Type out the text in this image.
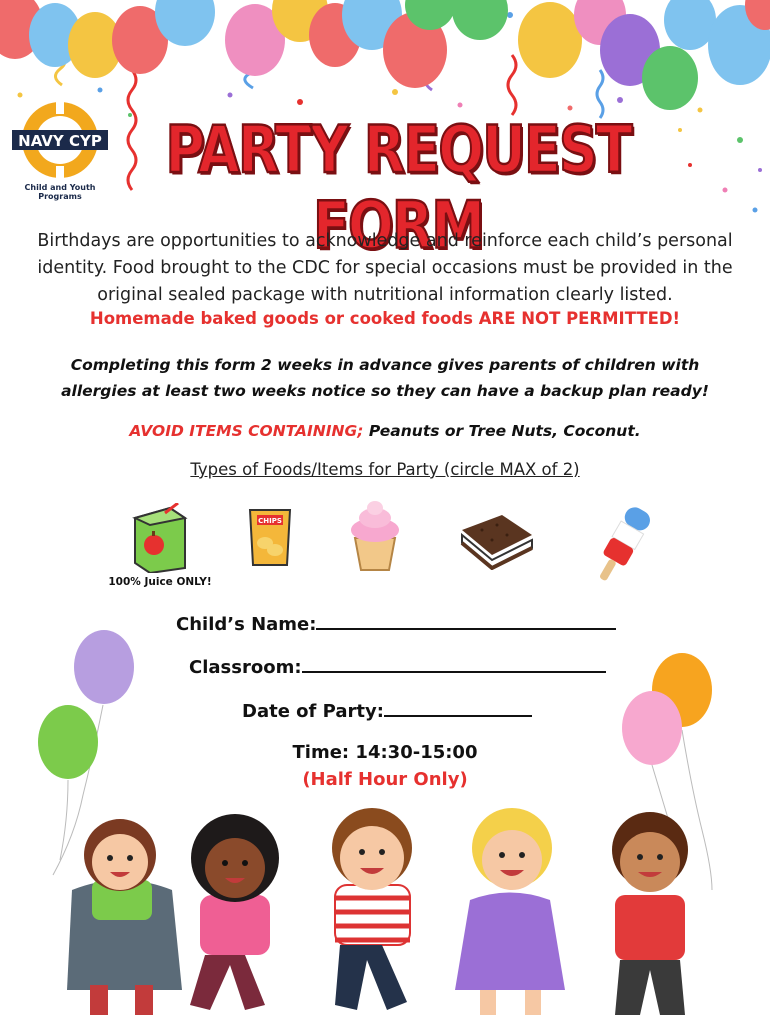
NAVY CYP
Child and Youth Programs
PARTY REQUEST FORM
Birthdays are opportunities to acknowledge and reinforce each child’s personal identity. Food brought to the CDC for special occasions must be provided in the original sealed package with nutritional information clearly listed.
Homemade baked goods or cooked foods ARE NOT PERMITTED!
Completing this form 2 weeks in advance gives parents of children with allergies at least two weeks notice so they can have a backup plan ready!
AVOID ITEMS CONTAINING; Peanuts or Tree Nuts, Coconut.
Types of Foods/Items for Party (circle MAX of 2)
100% Juice ONLY!
CHIPS
Child’s Name:
Classroom:
Date of Party:
Time: 14:30-15:00
(Half Hour Only)
